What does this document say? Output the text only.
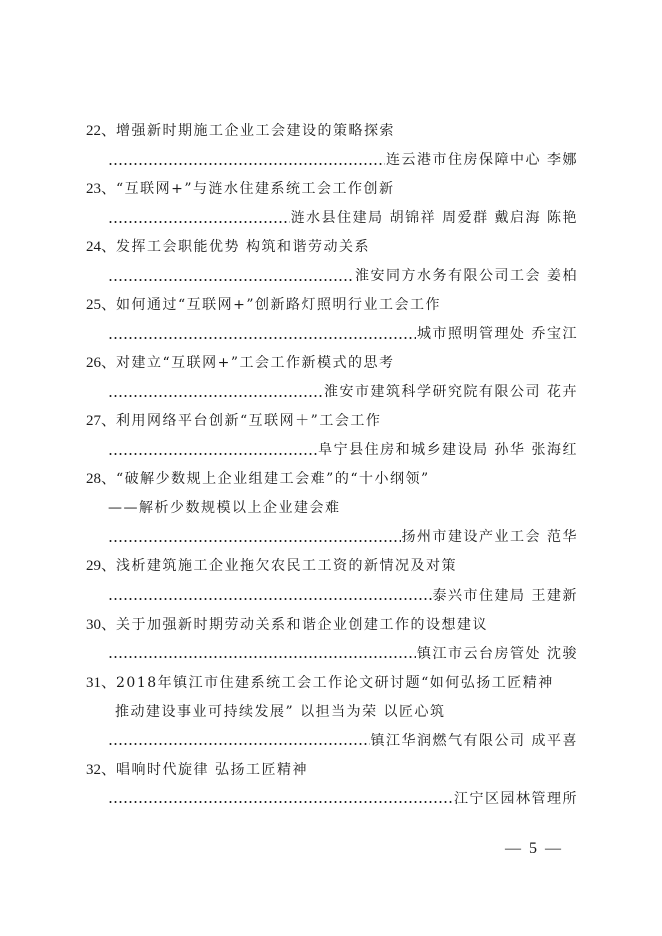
22、增强新时期施工企业工会建设的策略探索
连云港市住房保障中心 李娜
23、“互联网+”与涟水住建系统工会工作创新
涟水县住建局 胡锦祥 周爱群 戴启海 陈艳
24、发挥工会职能优势 构筑和谐劳动关系
淮安同方水务有限公司工会 姜柏
25、如何通过“互联网+”创新路灯照明行业工会工作
城市照明管理处 乔宝江
26、对建立“互联网+”工会工作新模式的思考
淮安市建筑科学研究院有限公司 花卉
27、利用网络平台创新“互联网＋”工会工作
阜宁县住房和城乡建设局 孙华 张海红
28、“破解少数规上企业组建工会难”的“十小纲领”
——解析少数规模以上企业建会难
扬州市建设产业工会 范华
29、浅析建筑施工企业拖欠农民工工资的新情况及对策
泰兴市住建局 王建新
30、关于加强新时期劳动关系和谐企业创建工作的设想建议
镇江市云台房管处 沈骏
31、2018年镇江市住建系统工会工作论文研讨题“如何弘扬工匠精神
推动建设事业可持续发展” 以担当为荣 以匠心筑
镇江华润燃气有限公司 成平喜
32、唱响时代旋律 弘扬工匠精神
江宁区园林管理所
— 5 —
